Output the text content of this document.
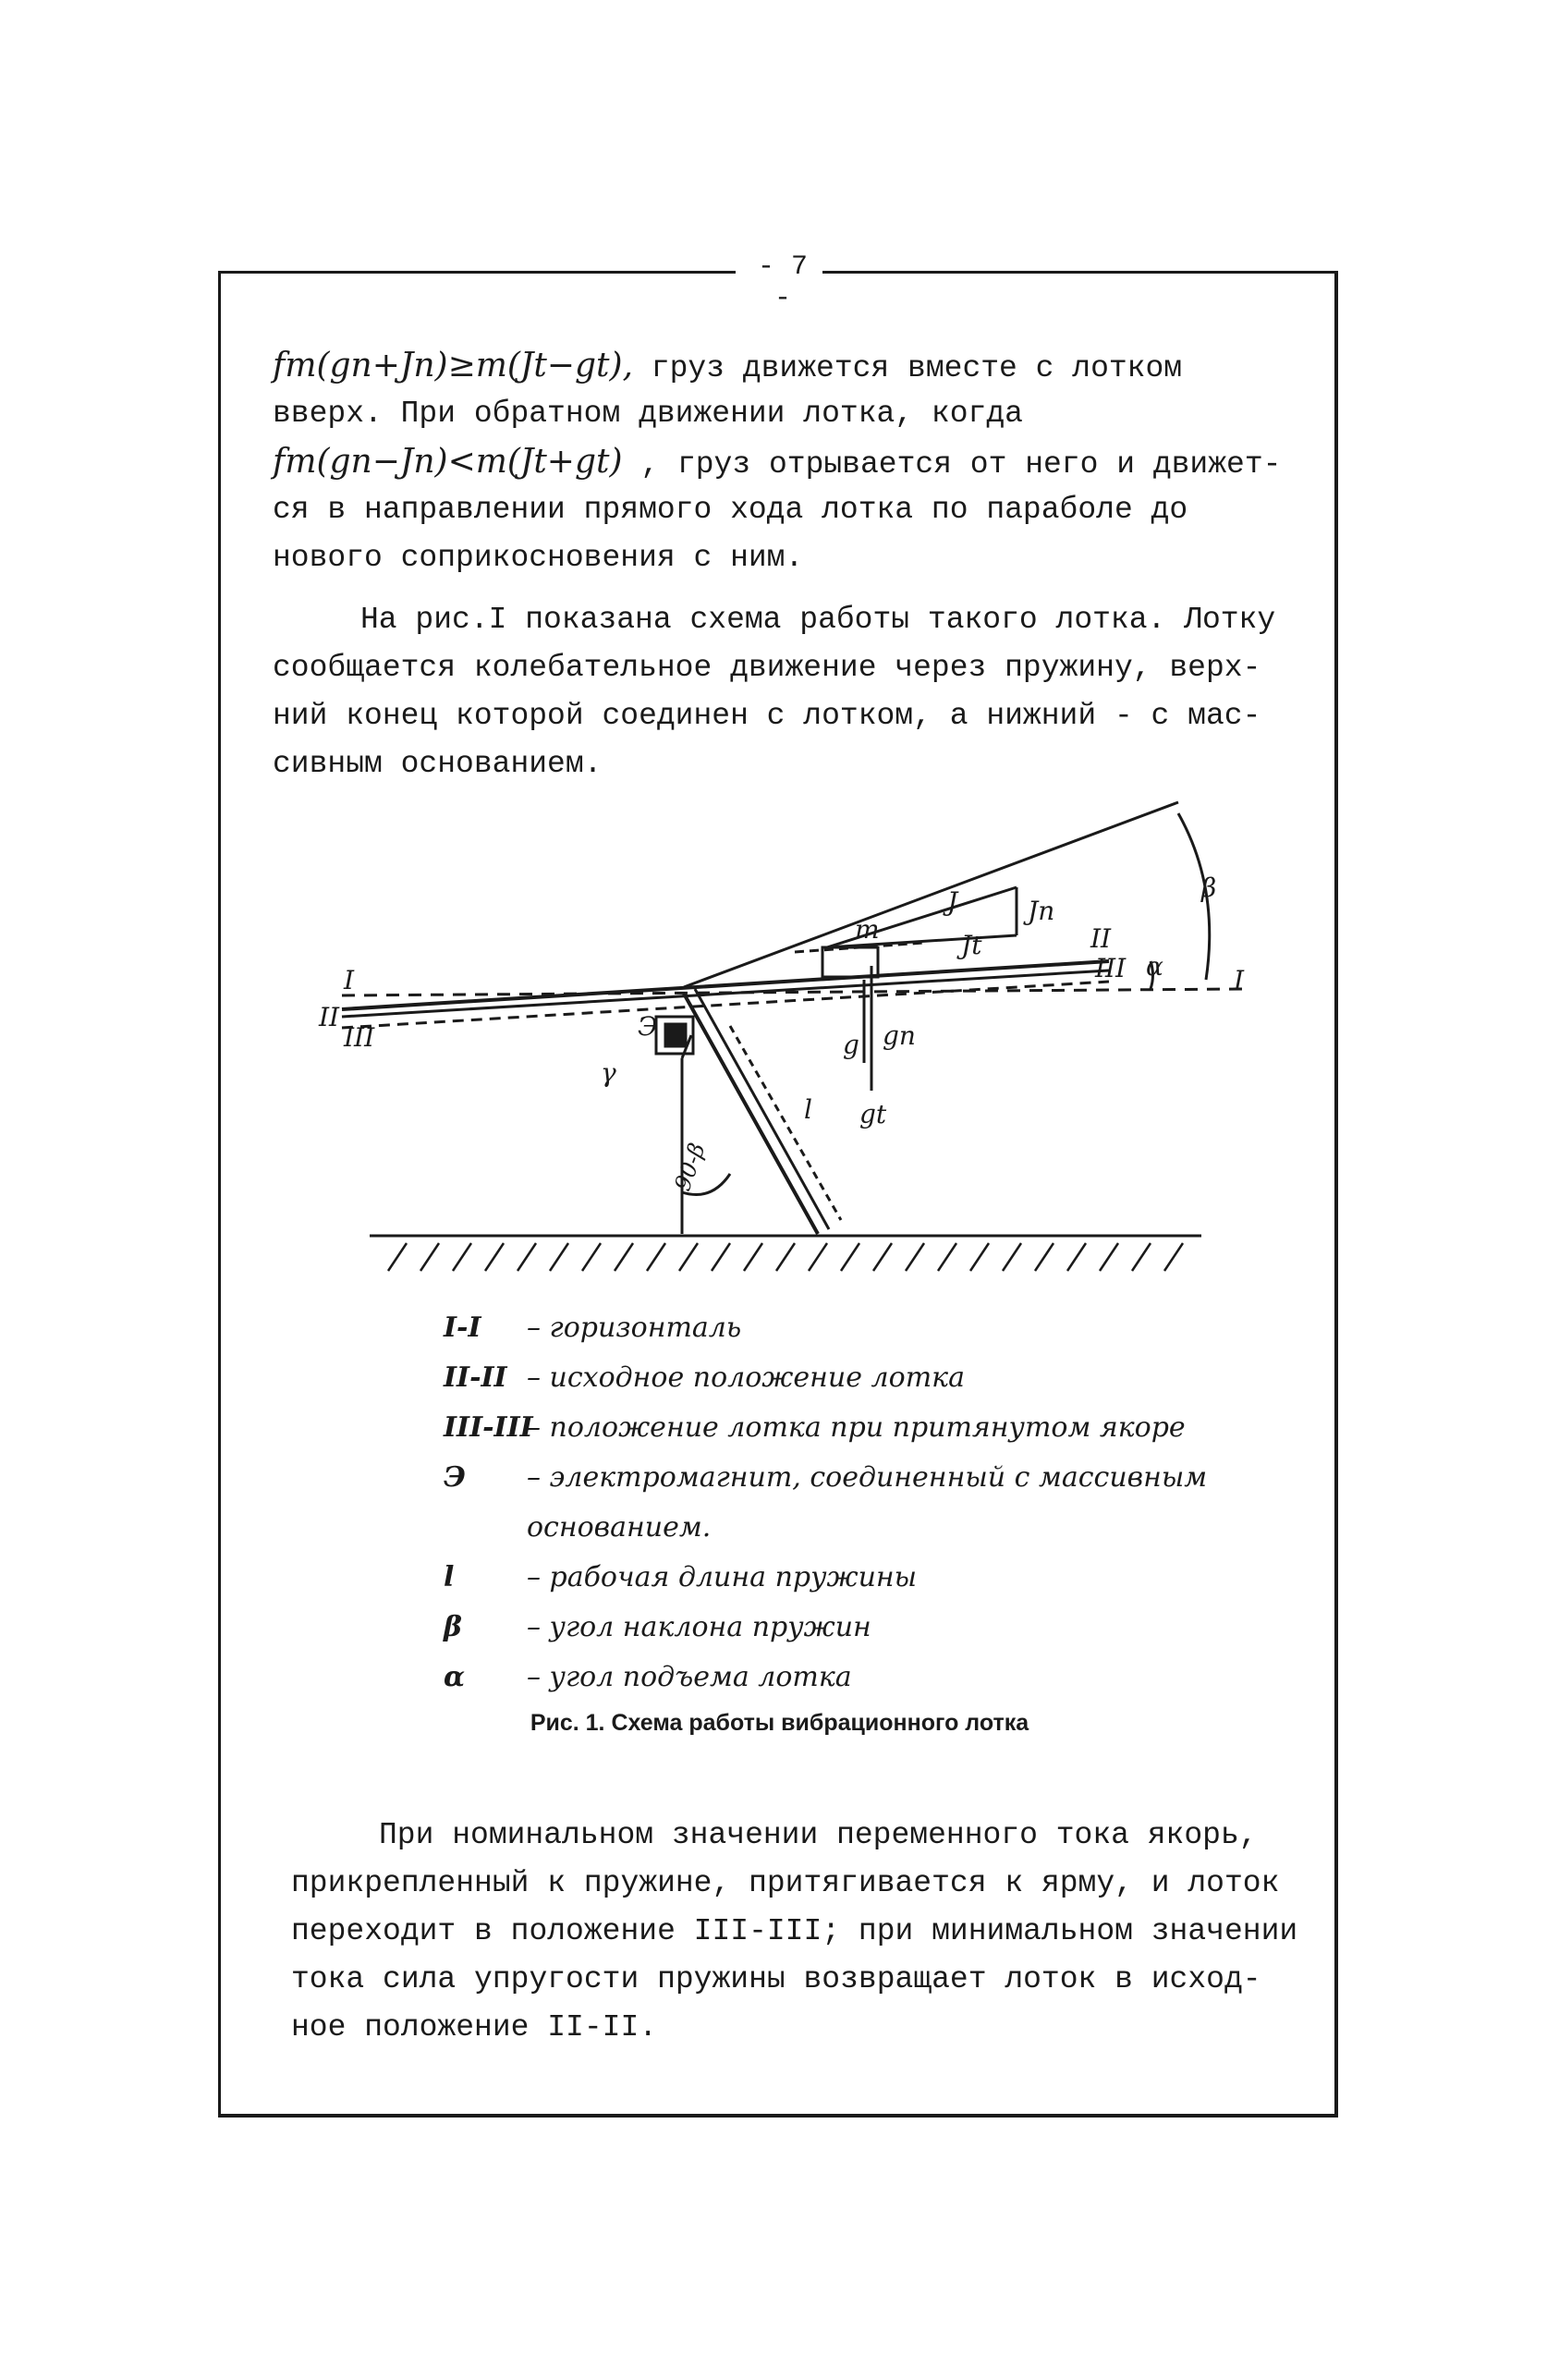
- 7 -
fm(gn+Jn)≥m(Jt−gt), груз движется вместе с лотком
вверх. При обратном движении лотка, когда
fm(gn−Jn)<m(Jt+gt) , груз отрывается от него и движет-
ся в направлении прямого хода лотка по параболе до
нового соприкосновения с ним.
На рис.I показана схема работы такого лотка. Лотку
сообщается колебательное движение через пружину, верх-
ний конец которой соединен с лотком, а нижний - с мас-
сивным основанием.
I
II
III
I
II
III α
β
J	Jn
Jt
m
g gn
gt
Э
γ
l
90-β
I-I – горизонталь
II-II – исходное положение лотка
III-III– положение лотка при притянутом якоре
Э – электромагнит, соединенный с массивным
основанием.
l	– рабочая длина пружины
β – угол наклона пружин
α – угол подъема лотка
Рис. 1. Схема работы вибрационного лотка
При номинальном значении переменного тока якорь,
прикрепленный к пружине, притягивается к ярму, и лоток
переходит в положение III-III; при минимальном значении
тока сила упругости пружины возвращает лоток в исход-
ное положение II-II.
